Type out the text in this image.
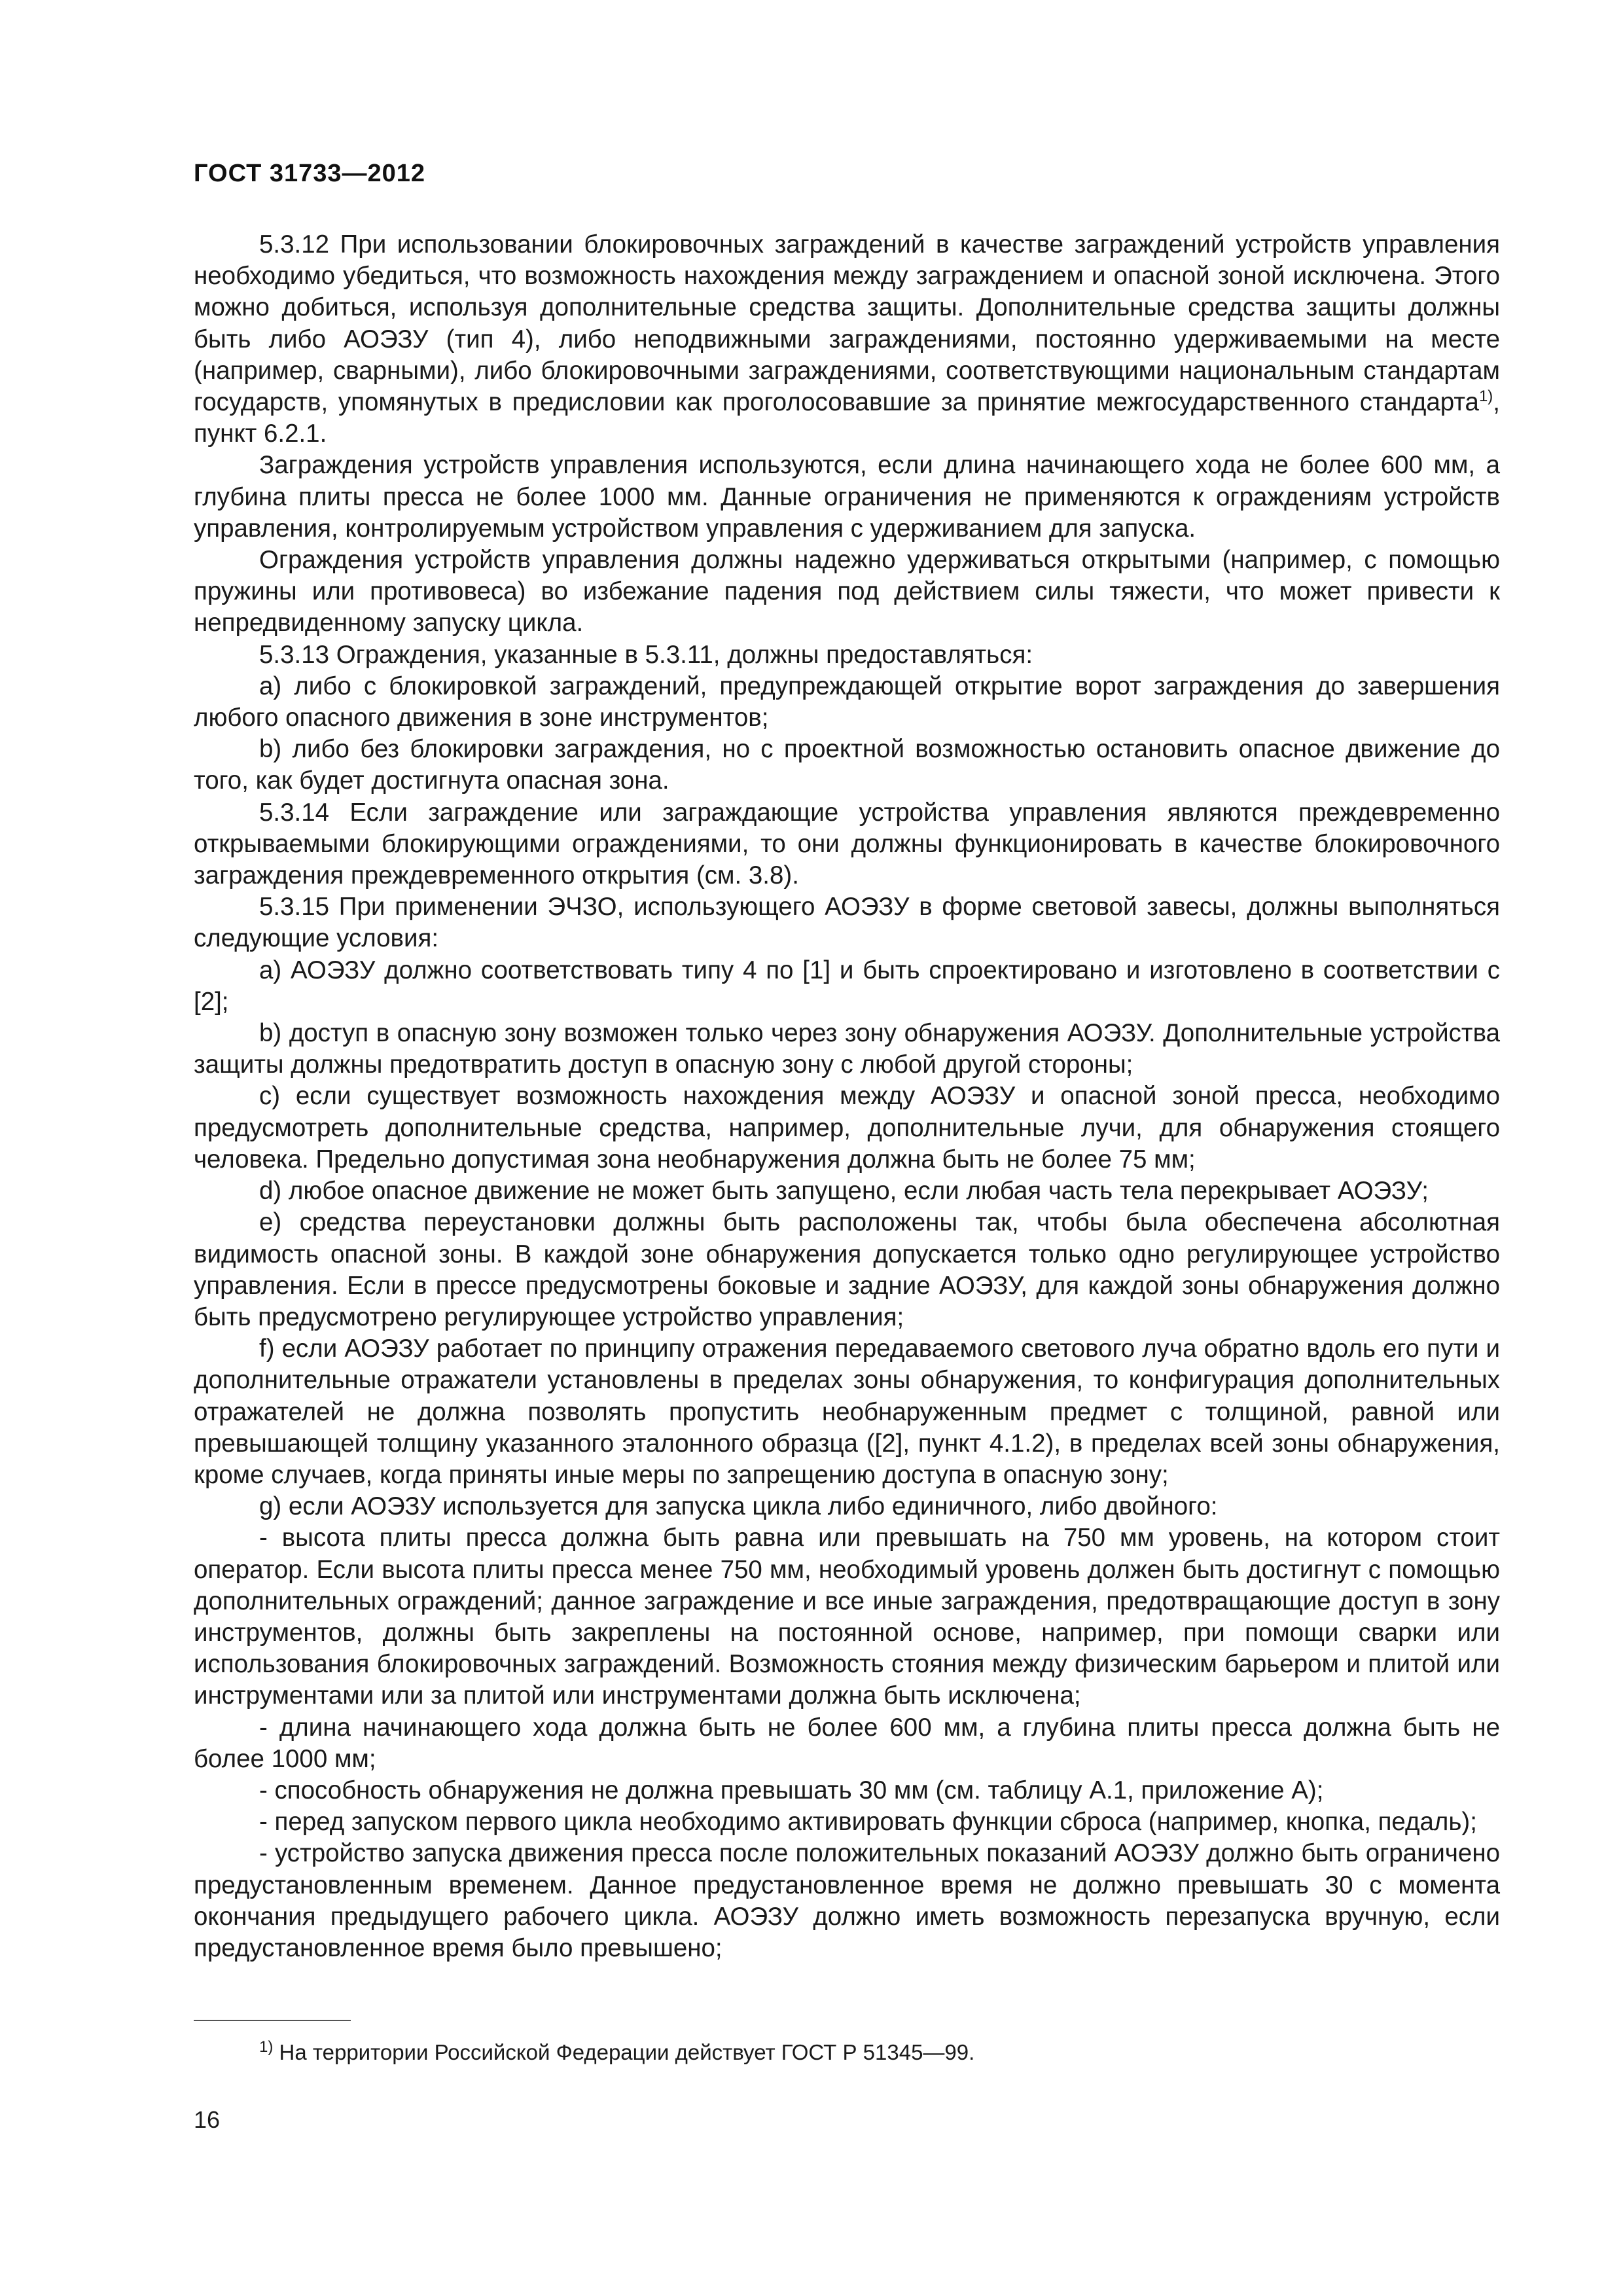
ГОСТ 31733—2012

5.3.12 При использовании блокировочных заграждений в качестве заграждений устройств управления необходимо убедиться, что возможность нахождения между заграждением и опасной зоной исключена. Этого можно добиться, используя дополнительные средства защиты. Дополнительные средства защиты должны быть либо АОЭЗУ (тип 4), либо неподвижными заграждениями, постоянно удерживаемыми на месте (например, сварными), либо блокировочными заграждениями, соответствующими национальным стандартам государств, упомянутых в предисловии как проголосовавшие за принятие межгосударственного стандарта$^{1)}$, пункт 6.2.1.

Заграждения устройств управления используются, если длина начинающего хода не более 600 мм, а глубина плиты пресса не более 1000 мм. Данные ограничения не применяются к ограждениям устройств управления, контролируемым устройством управления с удерживанием для запуска.

Ограждения устройств управления должны надежно удерживаться открытыми (например, с помощью пружины или противовеса) во избежание падения под действием силы тяжести, что может привести к непредвиденному запуску цикла.

5.3.13 Ограждения, указанные в 5.3.11, должны предоставляться:

a) либо с блокировкой заграждений, предупреждающей открытие ворот заграждения до завершения любого опасного движения в зоне инструментов;

b) либо без блокировки заграждения, но с проектной возможностью остановить опасное движение до того, как будет достигнута опасная зона.

5.3.14 Если заграждение или заграждающие устройства управления являются преждевременно открываемыми блокирующими ограждениями, то они должны функционировать в качестве блокировочного заграждения преждевременного открытия (см. 3.8).

5.3.15 При применении ЭЧЗО, использующего АОЭЗУ в форме световой завесы, должны выполняться следующие условия:

a) АОЭЗУ должно соответствовать типу 4 по [1] и быть спроектировано и изготовлено в соответствии с [2];

b) доступ в опасную зону возможен только через зону обнаружения АОЭЗУ. Дополнительные устройства защиты должны предотвратить доступ в опасную зону с любой другой стороны;

c) если существует возможность нахождения между АОЭЗУ и опасной зоной пресса, необходимо предусмотреть дополнительные средства, например, дополнительные лучи, для обнаружения стоящего человека. Предельно допустимая зона необнаружения должна быть не более 75 мм;

d) любое опасное движение не может быть запущено, если любая часть тела перекрывает АОЭЗУ;

e) средства переустановки должны быть расположены так, чтобы была обеспечена абсолютная видимость опасной зоны. В каждой зоне обнаружения допускается только одно регулирующее устройство управления. Если в прессе предусмотрены боковые и задние АОЭЗУ, для каждой зоны обнаружения должно быть предусмотрено регулирующее устройство управления;

f) если АОЭЗУ работает по принципу отражения передаваемого светового луча обратно вдоль его пути и дополнительные отражатели установлены в пределах зоны обнаружения, то конфигурация дополнительных отражателей не должна позволять пропустить необнаруженным предмет с толщиной, равной или превышающей толщину указанного эталонного образца ([2], пункт 4.1.2), в пределах всей зоны обнаружения, кроме случаев, когда приняты иные меры по запрещению доступа в опасную зону;

g) если АОЭЗУ используется для запуска цикла либо единичного, либо двойного:

- высота плиты пресса должна быть равна или превышать на 750 мм уровень, на котором стоит оператор. Если высота плиты пресса менее 750 мм, необходимый уровень должен быть достигнут с помощью дополнительных ограждений; данное заграждение и все иные заграждения, предотвращающие доступ в зону инструментов, должны быть закреплены на постоянной основе, например, при помощи сварки или использования блокировочных заграждений. Возможность стояния между физическим барьером и плитой или инструментами или за плитой или инструментами должна быть исключена;

- длина начинающего хода должна быть не более 600 мм, а глубина плиты пресса должна быть не более 1000 мм;

- способность обнаружения не должна превышать 30 мм (см. таблицу А.1, приложение А);

- перед запуском первого цикла необходимо активировать функции сброса (например, кнопка, педаль);

- устройство запуска движения пресса после положительных показаний АОЭЗУ должно быть ограничено предустановленным временем. Данное предустановленное время не должно превышать 30 с момента окончания предыдущего рабочего цикла. АОЭЗУ должно иметь возможность перезапуска вручную, если предустановленное время было превышено;

$^{1)}$ На территории Российской Федерации действует ГОСТ Р 51345—99.
16
